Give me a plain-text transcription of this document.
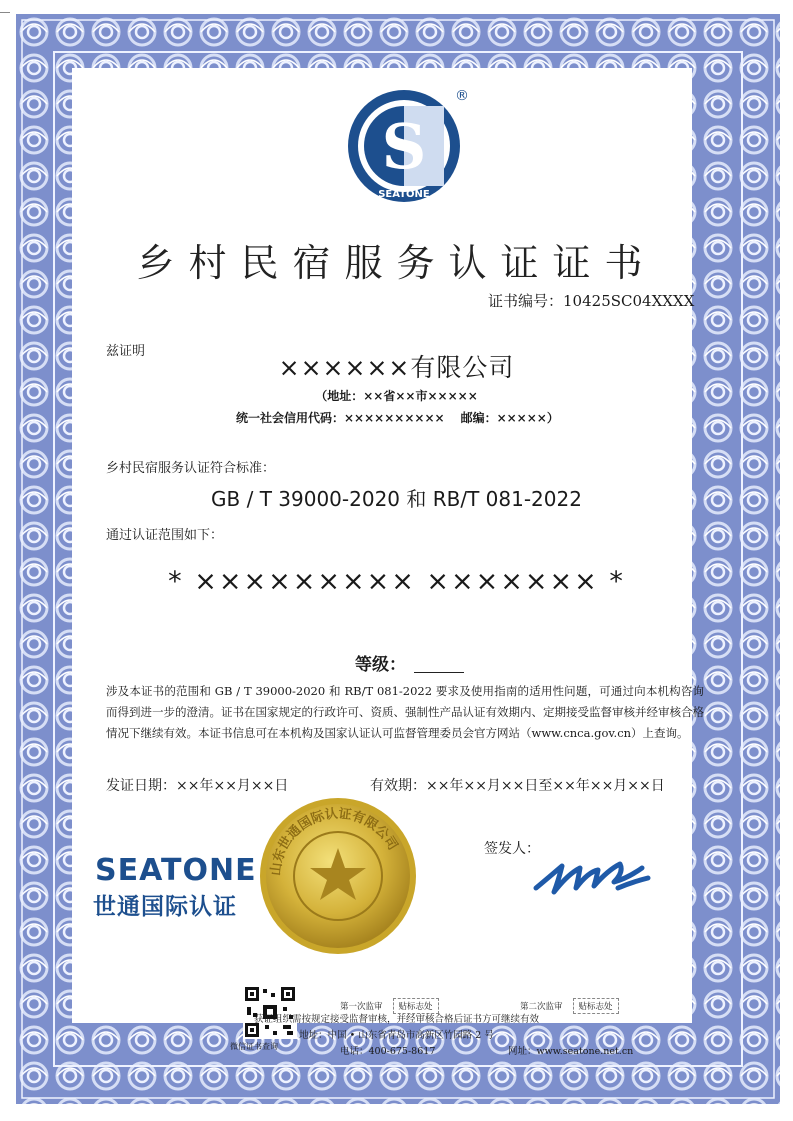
S
SEATONE
®
乡村民宿服务认证证书
证书编号：10425SC04XXXX
兹证明
××××××有限公司
（地址：××省××市×××××
统一社会信用代码：×××××××××× 邮编：×××××）
乡村民宿服务认证符合标准：
GB / T 39000-2020 和 RB/T 081-2022
通过认证范围如下：
* ××××××××× ××××××× *
等级：
涉及本证书的范围和 GB / T 39000-2020 和 RB/T 081-2022 要求及使用指南的适用性问题，可通过向本机构咨询而得到进一步的澄清。证书在国家规定的行政许可、资质、强制性产品认证有效期内、定期接受监督审核并经审核合格情况下继续有效。本证书信息可在本机构及国家认证认可监督管理委员会官方网站（www.cnca.gov.cn）上查询。
发证日期：××年××月××日	有效期：××年××月××日至××年××月××日
签发人：
SEATONE
世通国际认证
山东世通国际认证有限公司
微信证书查询
第一次监审 贴标志处	第二次监审 贴标志处
获证组织需按规定接受监督审核，并经审核合格后证书方可继续有效
地址：中国 • 山东省青岛市高新区竹园路 2 号
电话：400-675-8617	网址：www.seatone.net.cn
